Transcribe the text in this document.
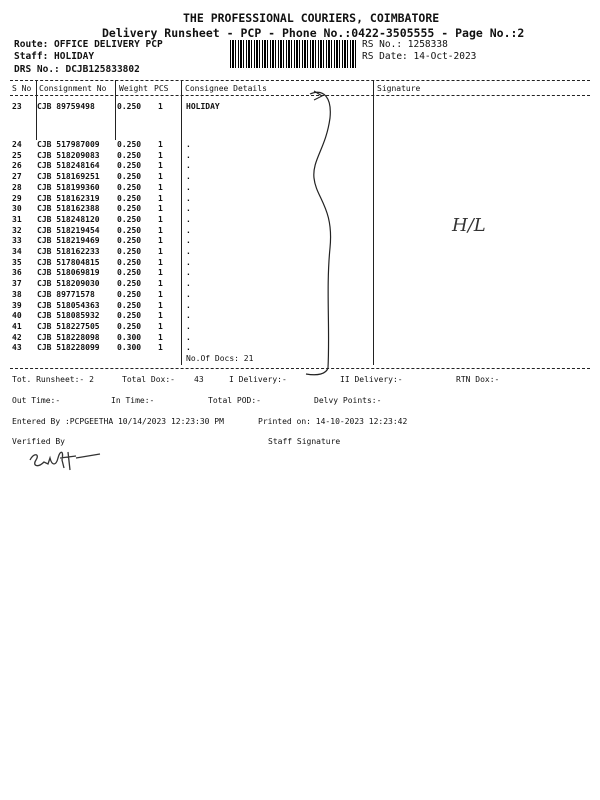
THE PROFESSIONAL COURIERS, COIMBATORE
Delivery Runsheet - PCP - Phone No.:0422-3505555 - Page No.:2
Route: OFFICE DELIVERY PCP
Staff: HOLIDAY
DRS No.: DCJB125833802
RS No.: 1258338
RS Date: 14-Oct-2023
S No Consignment No Weight PCS Consignee Details	Signature
23 CJB 89759498	0.250 1	HOLIDAY
24 CJB 517987009 0.250 1	.
25 CJB 518209083 0.250 1	.
26 CJB 518248164 0.250 1	.
27 CJB 518169251 0.250 1	.
28 CJB 518199360 0.250 1	.
29 CJB 518162319 0.250 1	.
30 CJB 518162388 0.250 1	.
31 CJB 518248120 0.250 1	.
32 CJB 518219454 0.250 1	.
33 CJB 518219469 0.250 1	.
34 CJB 518162233 0.250 1	.
35 CJB 517804815 0.250 1	.
36 CJB 518069819 0.250 1	.
37 CJB 518209030 0.250 1	.
38 CJB 89771578	0.250 1	.
39 CJB 518054363 0.250 1	.
40 CJB 518085932 0.250 1	.
41 CJB 518227505 0.250 1	.
42 CJB 518228098 0.300 1	.
43 CJB 518228099 0.300 1	.
No.Of Docs: 21
H/L
Tot. Runsheet:- 2	Total Dox:- 43	I Delivery:-	II Delivery:-	RTN Dox:-
Out Time:-	In Time:-	Total POD:-	Delvy Points:-
Entered By :PCPGEETHA 10/14/2023 12:23:30 PM	Printed on: 14-10-2023 12:23:42
Verified By	Staff Signature
